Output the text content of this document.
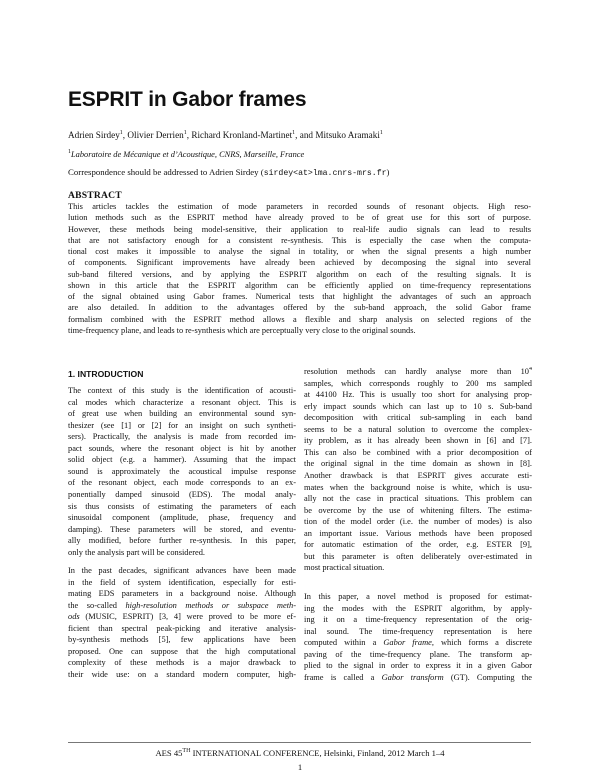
ESPRIT in Gabor frames
Adrien Sirdey$^1$, Olivier Derrien$^1$, Richard Kronland-Martinet$^1$, and Mitsuko Aramaki$^1$
$^1$Laboratoire de Mécanique et d’Acoustique, CNRS, Marseille, France
Correspondence should be addressed to Adrien Sirdey (sirdey<at>lma.cnrs-mrs.fr)
ABSTRACT
This articles tackles the estimation of mode parameters in recorded sounds of resonant objects. High reso-
lution methods such as the ESPRIT method have already proved to be of great use for this sort of purpose.
However, these methods being model-sensitive, their application to real-life audio signals can lead to results
that are not satisfactory enough for a consistent re-synthesis. This is especially the case when the computa-
tional cost makes it impossible to analyse the signal in totality, or when the signal presents a high number
of components. Significant improvements have already been achieved by decomposing the signal into several
sub-band filtered versions, and by applying the ESPRIT algorithm on each of the resulting signals. It is
shown in this article that the ESPRIT algorithm can be efficiently applied on time-frequency representations
of the signal obtained using Gabor frames. Numerical tests that highlight the advantages of such an approach
are also detailed. In addition to the advantages offered by the sub-band approach, the solid Gabor frame
formalism combined with the ESPRIT method allows a flexible and sharp analysis on selected regions of the
time-frequency plane, and leads to re-synthesis which are perceptually very close to the original sounds.
1. INTRODUCTION
The context of this study is the identification of acousti-
cal modes which characterize a resonant object. This is
of great use when building an environmental sound syn-
thesizer (see [1] or [2] for an insight on such syntheti-
sers). Practically, the analysis is made from recorded im-
pact sounds, where the resonant object is hit by another
solid object (e.g. a hammer). Assuming that the impact
sound is approximately the acoustical impulse response
of the resonant object, each mode corresponds to an ex-
ponentially damped sinusoid (EDS). The modal analy-
sis thus consists of estimating the parameters of each
sinusoidal component (amplitude, phase, frequency and
damping). These parameters will be stored, and eventu-
ally modified, before further re-synthesis. In this paper,
only the analysis part will be considered.
In the past decades, significant advances have been made
in the field of system identification, especially for esti-
mating EDS parameters in a background noise. Although
the so-called high-resolution methods or subspace meth-
ods (MUSIC, ESPRIT) [3, 4] were proved to be more ef-
ficient than spectral peak-picking and iterative analysis-
by-synthesis methods [5], few applications have been
proposed. One can suppose that the high computational
complexity of these methods is a major drawback to
their wide use: on a standard modern computer, high-
resolution methods can hardly analyse more than $10^4$
samples, which corresponds roughly to 200 ms sampled
at 44100 Hz. This is usually too short for analysing prop-
erly impact sounds which can last up to 10 s. Sub-band
decomposition with critical sub-sampling in each band
seems to be a natural solution to overcome the complex-
ity problem, as it has already been shown in [6] and [7].
This can also be combined with a prior decomposition of
the original signal in the time domain as shown in [8].
Another drawback is that ESPRIT gives accurate esti-
mates when the background noise is white, which is usu-
ally not the case in practical situations. This problem can
be overcome by the use of whitening filters. The estima-
tion of the model order (i.e. the number of modes) is also
an important issue. Various methods have been proposed
for automatic estimation of the order, e.g. ESTER [9],
but this parameter is often deliberately over-estimated in
most practical situation.
In this paper, a novel method is proposed for estimat-
ing the modes with the ESPRIT algorithm, by apply-
ing it on a time-frequency representation of the orig-
inal sound. The time-frequency representation is here
computed within a Gabor frame, which forms a discrete
paving of the time-frequency plane. The transform ap-
plied to the signal in order to express it in a given Gabor
frame is called a Gabor transform (GT). Computing the
AES 45TH INTERNATIONAL CONFERENCE, Helsinki, Finland, 2012 March 1–4
1
